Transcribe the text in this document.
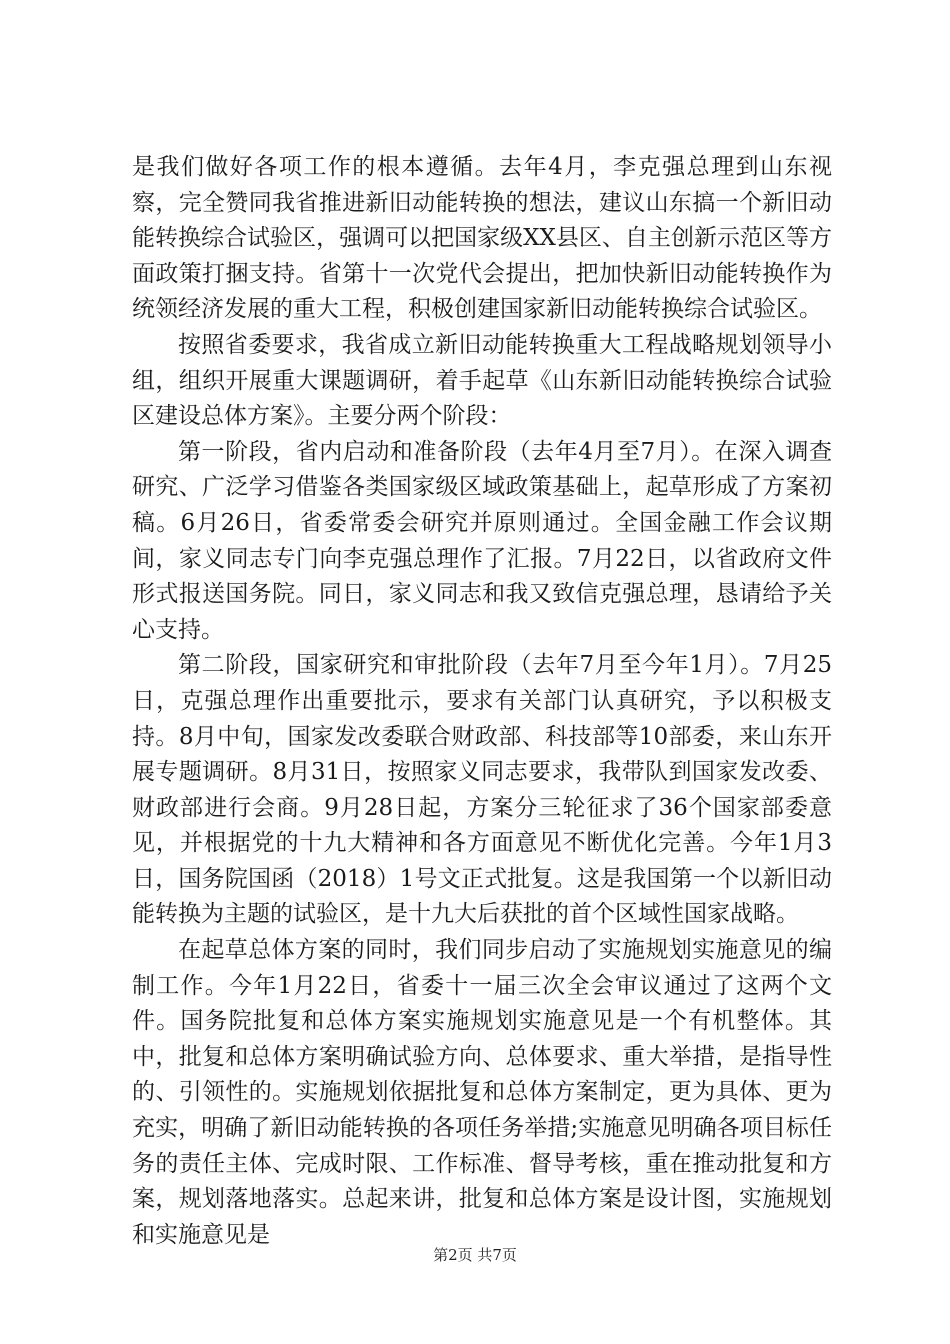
是我们做好各项工作的根本遵循。去年4月，李克强总理到山东视察，完全赞同我省推进新旧动能转换的想法，建议山东搞一个新旧动能转换综合试验区，强调可以把国家级XX县区、自主创新示范区等方面政策打捆支持。省第十一次党代会提出，把加快新旧动能转换作为统领经济发展的重大工程，积极创建国家新旧动能转换综合试验区。

按照省委要求，我省成立新旧动能转换重大工程战略规划领导小组，组织开展重大课题调研，着手起草《山东新旧动能转换综合试验区建设总体方案》。主要分两个阶段：

第一阶段，省内启动和准备阶段（去年4月至7月）。在深入调查研究、广泛学习借鉴各类国家级区域政策基础上，起草形成了方案初稿。6月26日，省委常委会研究并原则通过。全国金融工作会议期间，家义同志专门向李克强总理作了汇报。7月22日，以省政府文件形式报送国务院。同日，家义同志和我又致信克强总理，恳请给予关心支持。

第二阶段，国家研究和审批阶段（去年7月至今年1月）。7月25日，克强总理作出重要批示，要求有关部门认真研究，予以积极支持。8月中旬，国家发改委联合财政部、科技部等10部委，来山东开展专题调研。8月31日，按照家义同志要求，我带队到国家发改委、财政部进行会商。9月28日起，方案分三轮征求了36个国家部委意见，并根据党的十九大精神和各方面意见不断优化完善。今年1月3日，国务院国函（2018）1号文正式批复。这是我国第一个以新旧动能转换为主题的试验区，是十九大后获批的首个区域性国家战略。

在起草总体方案的同时，我们同步启动了实施规划实施意见的编制工作。今年1月22日，省委十一届三次全会审议通过了这两个文件。国务院批复和总体方案实施规划实施意见是一个有机整体。其中，批复和总体方案明确试验方向、总体要求、重大举措，是指导性的、引领性的。实施规划依据批复和总体方案制定，更为具体、更为充实，明确了新旧动能转换的各项任务举措;实施意见明确各项目标任务的责任主体、完成时限、工作标准、督导考核，重在推动批复和方案，规划落地落实。总起来讲，批复和总体方案是设计图，实施规划和实施意见是

第2页 共7页
